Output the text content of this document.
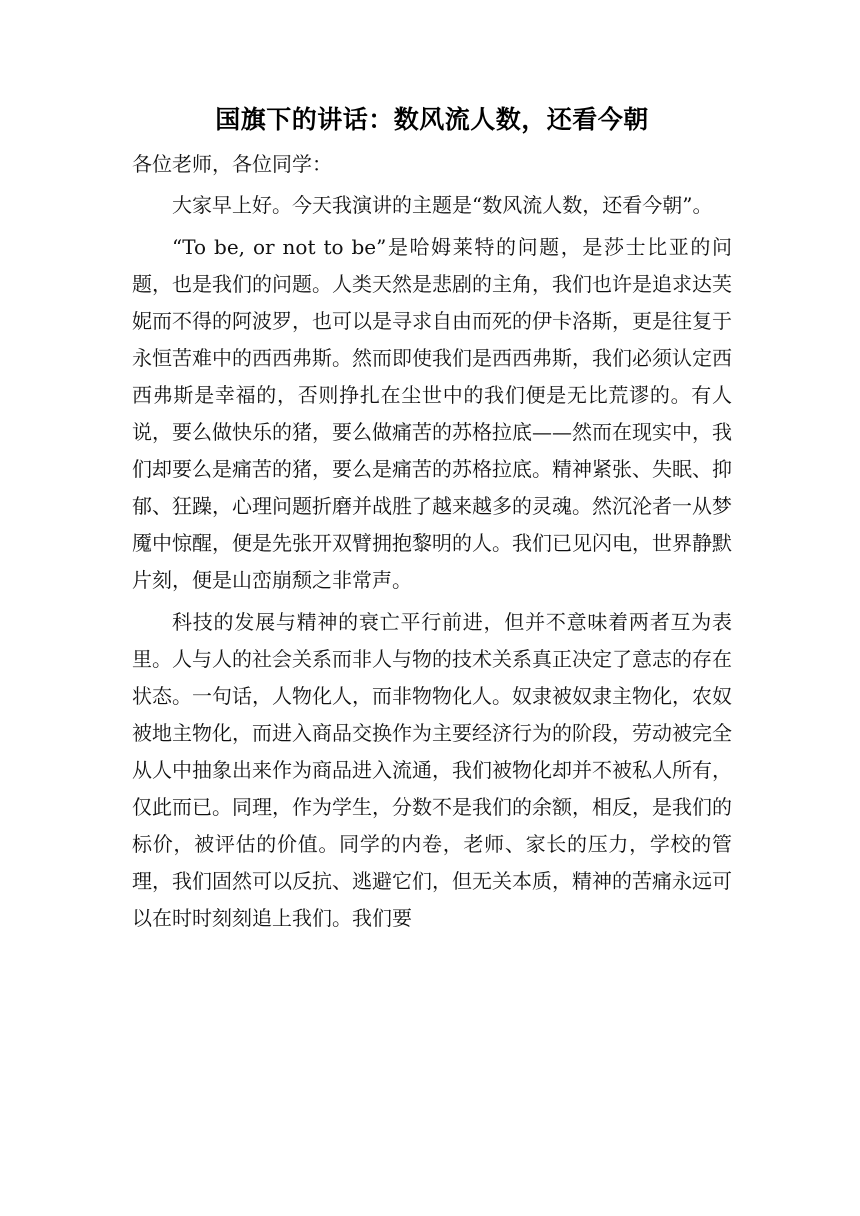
国旗下的讲话：数风流人数，还看今朝

各位老师，各位同学：

大家早上好。今天我演讲的主题是“数风流人数，还看今朝”。

“To be, or not to be”是哈姆莱特的问题，是莎士比亚的问题，也是我们的问题。人类天然是悲剧的主角，我们也许是追求达芙妮而不得的阿波罗，也可以是寻求自由而死的伊卡洛斯，更是往复于永恒苦难中的西西弗斯。然而即使我们是西西弗斯，我们必须认定西西弗斯是幸福的，否则挣扎在尘世中的我们便是无比荒谬的。有人说，要么做快乐的猪，要么做痛苦的苏格拉底——然而在现实中，我们却要么是痛苦的猪，要么是痛苦的苏格拉底。精神紧张、失眠、抑郁、狂躁，心理问题折磨并战胜了越来越多的灵魂。然沉沦者一从梦魇中惊醒，便是先张开双臂拥抱黎明的人。我们已见闪电，世界静默片刻，便是山峦崩颓之非常声。

科技的发展与精神的衰亡平行前进，但并不意味着两者互为表里。人与人的社会关系而非人与物的技术关系真正决定了意志的存在状态。一句话，人物化人，而非物物化人。奴隶被奴隶主物化，农奴被地主物化，而进入商品交换作为主要经济行为的阶段，劳动被完全从人中抽象出来作为商品进入流通，我们被物化却并不被私人所有，仅此而已。同理，作为学生，分数不是我们的余额，相反，是我们的标价，被评估的价值。同学的内卷，老师、家长的压力，学校的管理，我们固然可以反抗、逃避它们，但无关本质，精神的苦痛永远可以在时时刻刻追上我们。我们要
